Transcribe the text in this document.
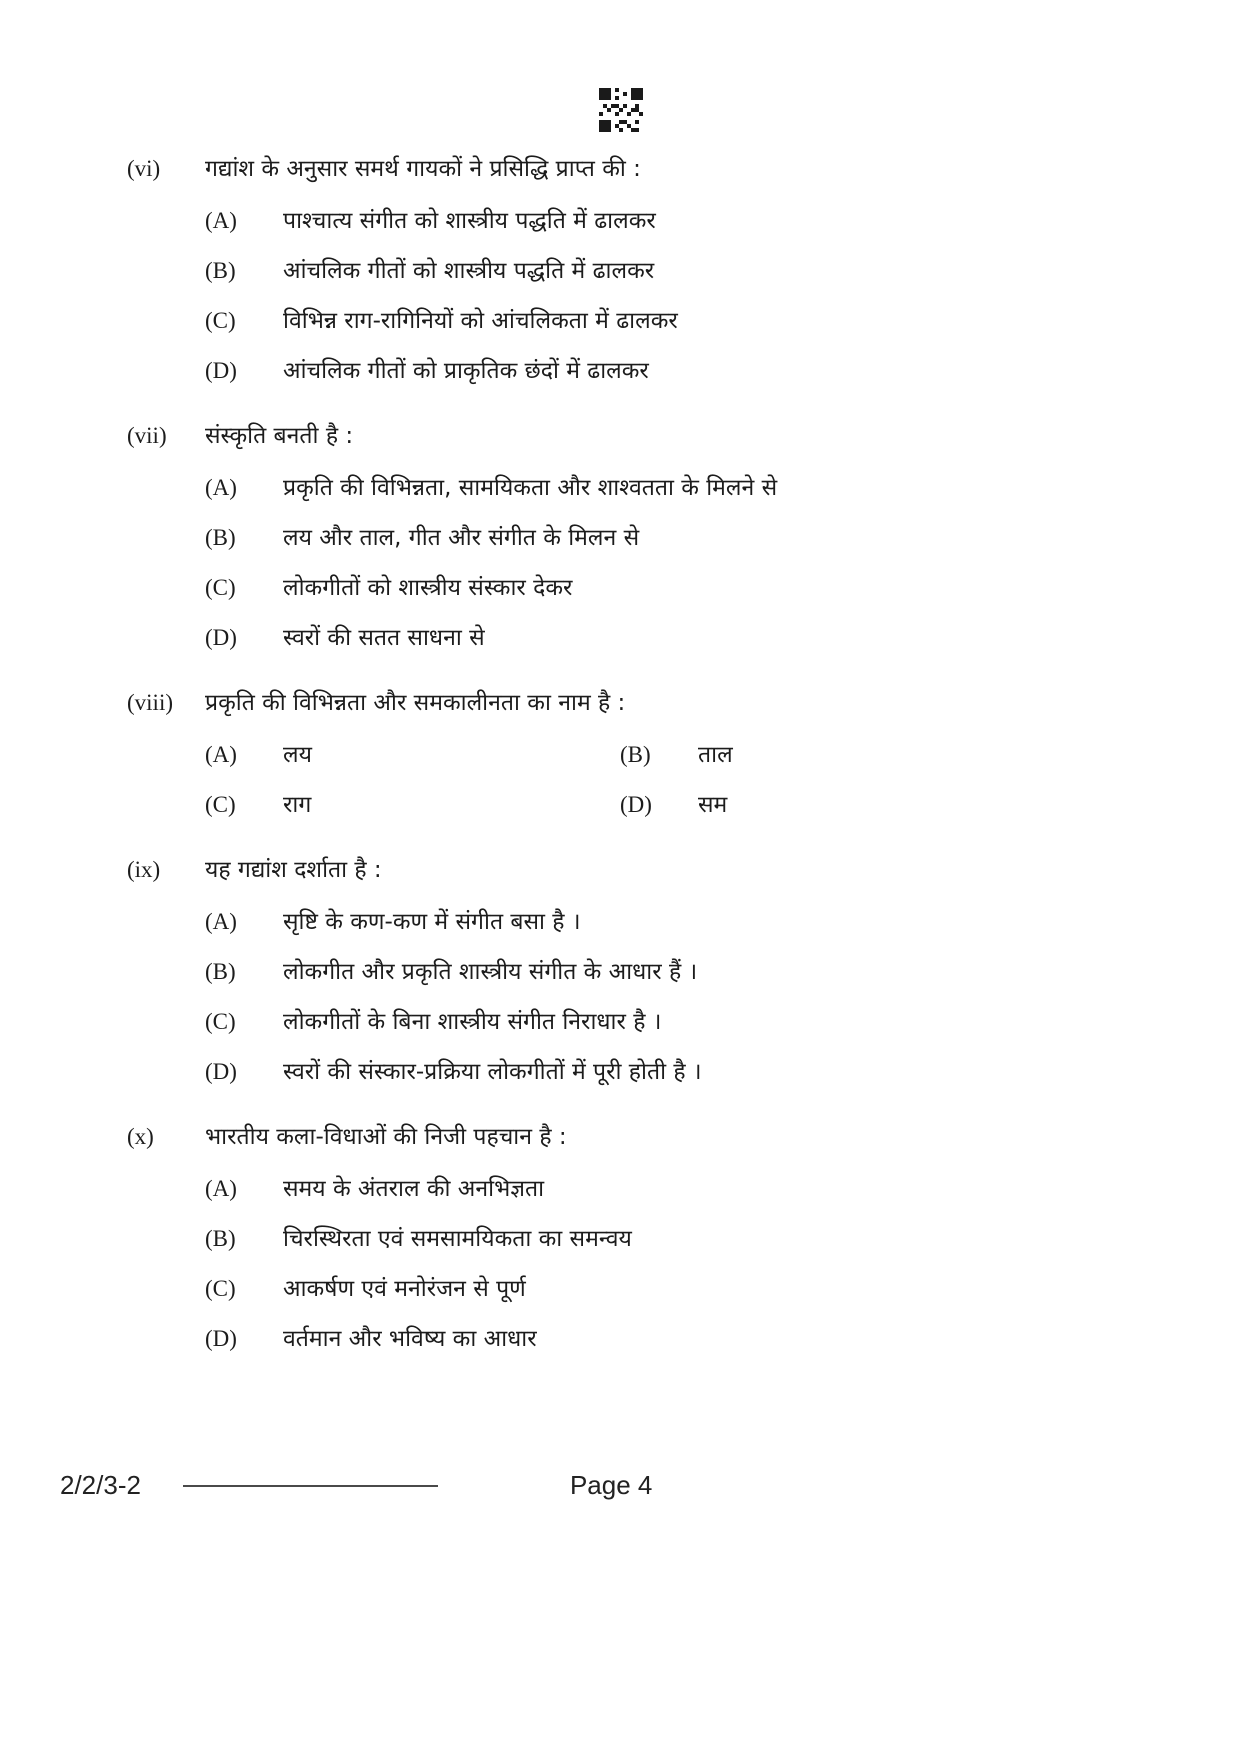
(vi)	गद्यांश के अनुसार समर्थ गायकों ने प्रसिद्धि प्राप्त की :
(A)	पाश्चात्य संगीत को शास्त्रीय पद्धति में ढालकर
(B)	आंचलिक गीतों को शास्त्रीय पद्धति में ढालकर
(C)	विभिन्न राग-रागिनियों को आंचलिकता में ढालकर
(D)	आंचलिक गीतों को प्राकृतिक छंदों में ढालकर
(vii)	संस्कृति बनती है :
(A)	प्रकृति की विभिन्नता, सामयिकता और शाश्वतता के मिलने से
(B)	लय और ताल, गीत और संगीत के मिलन से
(C)	लोकगीतों को शास्त्रीय संस्कार देकर
(D)	स्वरों की सतत साधना से
(viii)	प्रकृति की विभिन्नता और समकालीनता का नाम है :
(A)	लय	(B)	ताल
(C)	राग	(D)	सम
(ix)	यह गद्यांश दर्शाता है :
(A)	सृष्टि के कण-कण में संगीत बसा है ।
(B)	लोकगीत और प्रकृति शास्त्रीय संगीत के आधार हैं ।
(C)	लोकगीतों के बिना शास्त्रीय संगीत निराधार है ।
(D)	स्वरों की संस्कार-प्रक्रिया लोकगीतों में पूरी होती है ।
(x)	भारतीय कला-विधाओं की निजी पहचान है :
(A)	समय के अंतराल की अनभिज्ञता
(B)	चिरस्थिरता एवं समसामयिकता का समन्वय
(C)	आकर्षण एवं मनोरंजन से पूर्ण
(D)	वर्तमान और भविष्य का आधार
2/2/3-2	Page 4
